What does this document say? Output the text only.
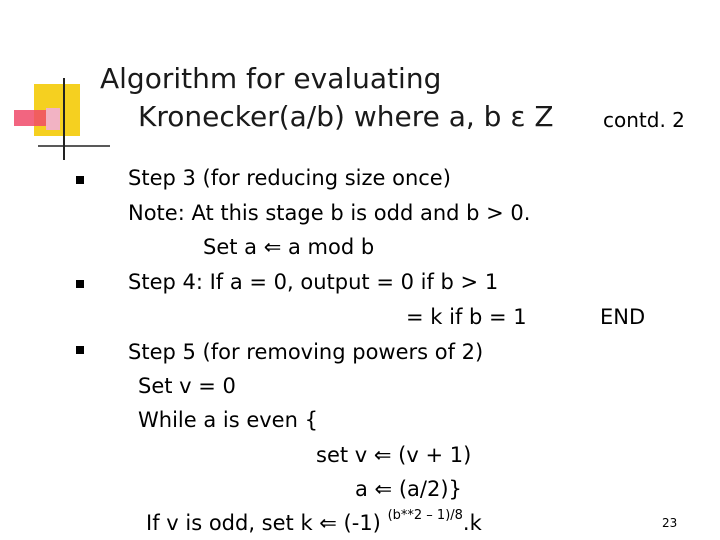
Algorithm for evaluating
Kronecker(a/b) where a, b ε Z contd. 2
Step 3 (for reducing size once)
Note: At this stage b is odd and b > 0.
Set a ⇐ a mod b
Step 4: If a = 0, output = 0 if b > 1
= k if b = 1	END
Step 5 (for removing powers of 2)
Set v = 0
While a is even {
set v ⇐ (v + 1)
a ⇐ (a/2)}
If v is odd, set k ⇐ (-1) $^{(b**2 - 1)/8}$.k	23
